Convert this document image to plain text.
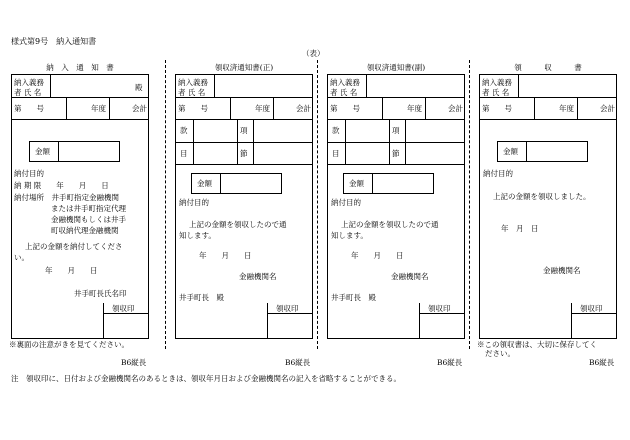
様式第9号　納入通知書
（表）
納　入　通　知　書
納入義務
者 氏 名
殿
第　　号	年度	会計
金額
納付目的
納 期 限　　年　　月　　日
納付場所　井手町指定金融機関
または井手町指定代理
金融機関もしくは井手
町収納代理金融機関
上記の金額を納付してくださ
い。
年　　月　　日
井手町長氏名印
領収印
※裏面の注意がきを見てください。
B6縦長
領収済通知書(正)
納入義務
者 氏 名
第　　号	年度	会計
款	項
目	節
金額
納付目的
上記の金額を領収したので通
知します。
年　　月　　日
金融機関名
井手町長　殿
領収印
B6縦長
領収済通知書(副)
納入義務
者 氏 名
第　　号	年度	会計
款	項
目	節
金額
納付目的
上記の金額を領収したので通
知します。
年　　月　　日
金融機関名
井手町長　殿
領収印
B6縦長
領　　　収　　　書
納入義務
者 氏 名
第　　号	年度	会計
金額
納付目的
上記の金額を領収しました。
年　月　日
金融機関名
領収印
※この領収書は、大切に保存してく
ださい。
B6縦長
注　領収印に、日付および金融機関名のあるときは、領収年月日および金融機関名の記入を省略することができる。
